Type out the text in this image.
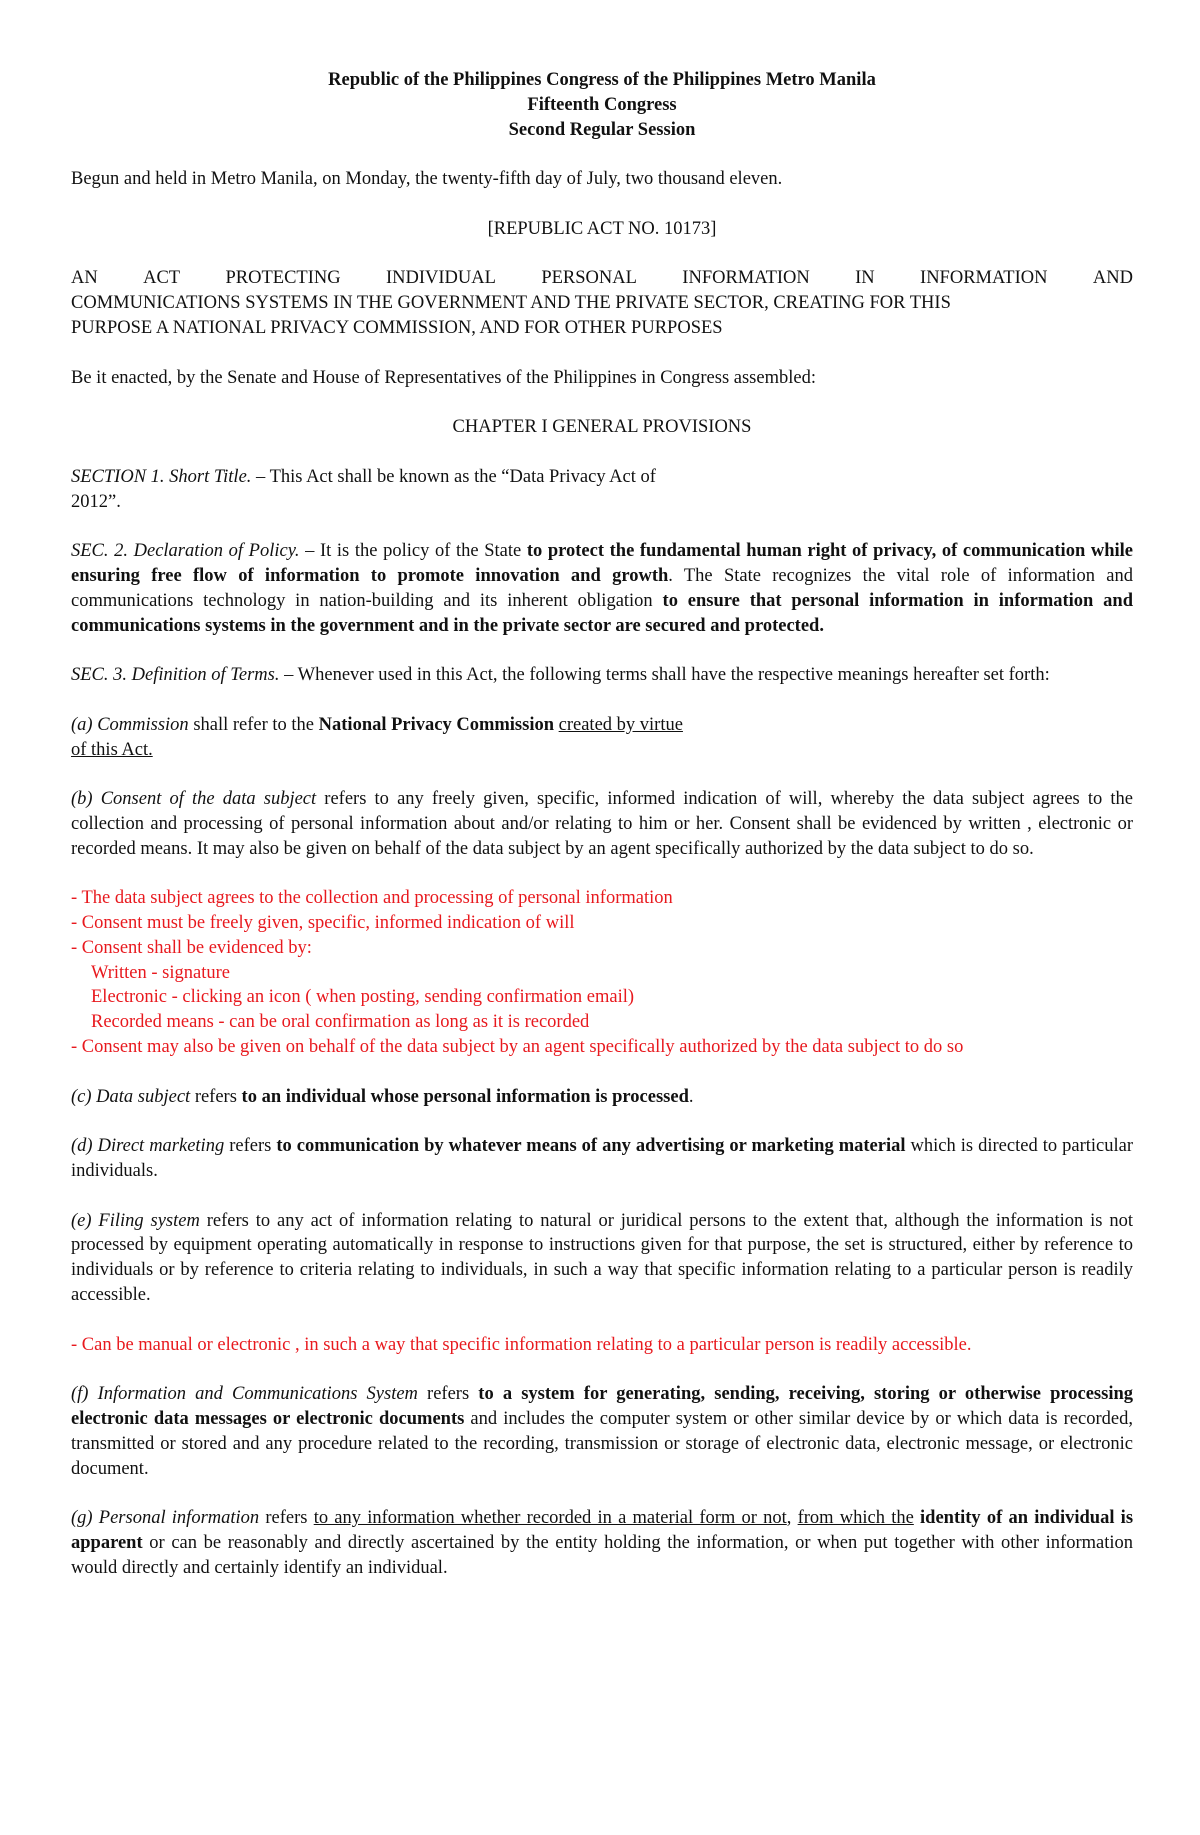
Republic of the Philippines Congress of the Philippines Metro Manila
Fifteenth Congress
Second Regular Session
Begun and held in Metro Manila, on Monday, the twenty-fifth day of July, two thousand eleven.
[REPUBLIC ACT NO. 10173]
AN ACT PROTECTING INDIVIDUAL PERSONAL INFORMATION IN INFORMATION AND
COMMUNICATIONS SYSTEMS IN THE GOVERNMENT AND THE PRIVATE SECTOR, CREATING FOR THIS
PURPOSE A NATIONAL PRIVACY COMMISSION, AND FOR OTHER PURPOSES
Be it enacted, by the Senate and House of Representatives of the Philippines in Congress assembled:
CHAPTER I GENERAL PROVISIONS
SECTION 1. Short Title. – This Act shall be known as the “Data Privacy Act of
2012”.
SEC. 2. Declaration of Policy. – It is the policy of the State to protect the fundamental human right of privacy, of communication while ensuring free flow of information to promote innovation and growth. The State recognizes the vital role of information and communications technology in nation-building and its inherent obligation to ensure that personal information in information and communications systems in the government and in the private sector are secured and protected.
SEC. 3. Definition of Terms. – Whenever used in this Act, the following terms shall have the respective meanings hereafter set forth:
(a) Commission shall refer to the National Privacy Commission created by virtue
of this Act.
(b) Consent of the data subject refers to any freely given, specific, informed indication of will, whereby the data subject agrees to the collection and processing of personal information about and/or relating to him or her. Consent shall be evidenced by written , electronic or recorded means. It may also be given on behalf of the data subject by an agent specifically authorized by the data subject to do so.
- The data subject agrees to the collection and processing of personal information
- Consent must be freely given, specific, informed indication of will
- Consent shall be evidenced by:
Written - signature
Electronic - clicking an icon ( when posting, sending confirmation email)
Recorded means - can be oral confirmation as long as it is recorded
- Consent may also be given on behalf of the data subject by an agent specifically authorized by the data subject to do so
(c) Data subject refers to an individual whose personal information is processed.
(d) Direct marketing refers to communication by whatever means of any advertising or marketing material which is directed to particular individuals.
(e) Filing system refers to any act of information relating to natural or juridical persons to the extent that, although the information is not processed by equipment operating automatically in response to instructions given for that purpose, the set is structured, either by reference to individuals or by reference to criteria relating to individuals, in such a way that specific information relating to a particular person is readily accessible.
- Can be manual or electronic , in such a way that specific information relating to a particular person is readily accessible.
(f) Information and Communications System refers to a system for generating, sending, receiving, storing or otherwise processing electronic data messages or electronic documents and includes the computer system or other similar device by or which data is recorded, transmitted or stored and any procedure related to the recording, transmission or storage of electronic data, electronic message, or electronic document.
(g) Personal information refers to any information whether recorded in a material form or not, from which the identity of an individual is apparent or can be reasonably and directly ascertained by the entity holding the information, or when put together with other information would directly and certainly identify an individual.
